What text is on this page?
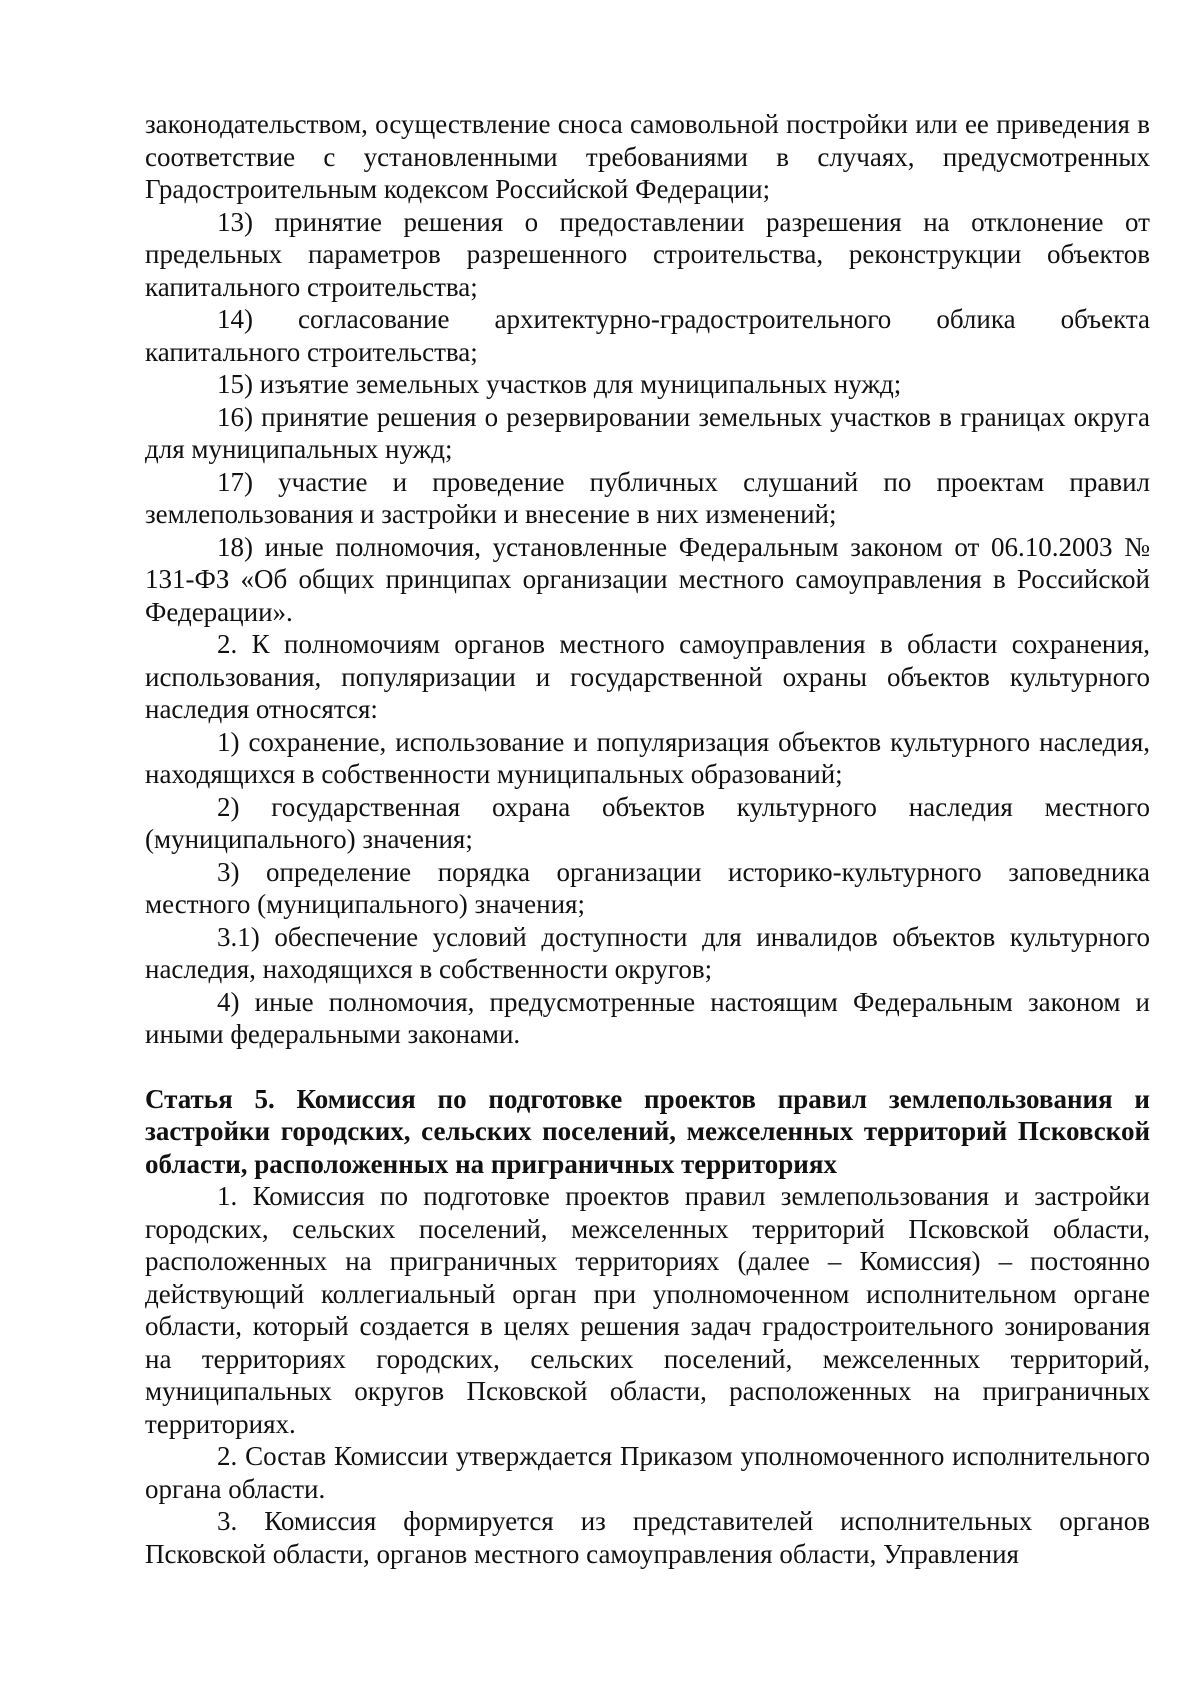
законодательством, осуществление сноса самовольной постройки или ее приведения в соответствие с установленными требованиями в случаях, предусмотренных Градостроительным кодексом Российской Федерации;

13) принятие решения о предоставлении разрешения на отклонение от предельных параметров разрешенного строительства, реконструкции объектов капитального строительства;

14) согласование архитектурно-градостроительного облика объекта капитального строительства;

15) изъятие земельных участков для муниципальных нужд;

16) принятие решения о резервировании земельных участков в границах округа для муниципальных нужд;

17) участие и проведение публичных слушаний по проектам правил землепользования и застройки и внесение в них изменений;

18) иные полномочия, установленные Федеральным законом от 06.10.2003 № 131-ФЗ «Об общих принципах организации местного самоуправления в Российской Федерации».

2. К полномочиям органов местного самоуправления в области сохранения, использования, популяризации и государственной охраны объектов культурного наследия относятся:

1) сохранение, использование и популяризация объектов культурного наследия, находящихся в собственности муниципальных образований;

2) государственная охрана объектов культурного наследия местного (муниципального) значения;

3) определение порядка организации историко-культурного заповедника местного (муниципального) значения;

3.1) обеспечение условий доступности для инвалидов объектов культурного наследия, находящихся в собственности округов;

4) иные полномочия, предусмотренные настоящим Федеральным законом и иными федеральными законами.

Статья 5. Комиссия по подготовке проектов правил землепользования и застройки городских, сельских поселений, межселенных территорий Псковской области, расположенных на приграничных территориях

1. Комиссия по подготовке проектов правил землепользования и застройки городских, сельских поселений, межселенных территорий Псковской области, расположенных на приграничных территориях (далее – Комиссия) – постоянно действующий коллегиальный орган при уполномоченном исполнительном органе области, который создается в целях решения задач градостроительного зонирования на территориях городских, сельских поселений, межселенных территорий, муниципальных округов Псковской области, расположенных на приграничных территориях.

2. Состав Комиссии утверждается Приказом уполномоченного исполнительного органа области.

3. Комиссия формируется из представителей исполнительных органов Псковской области, органов местного самоуправления области, Управления
